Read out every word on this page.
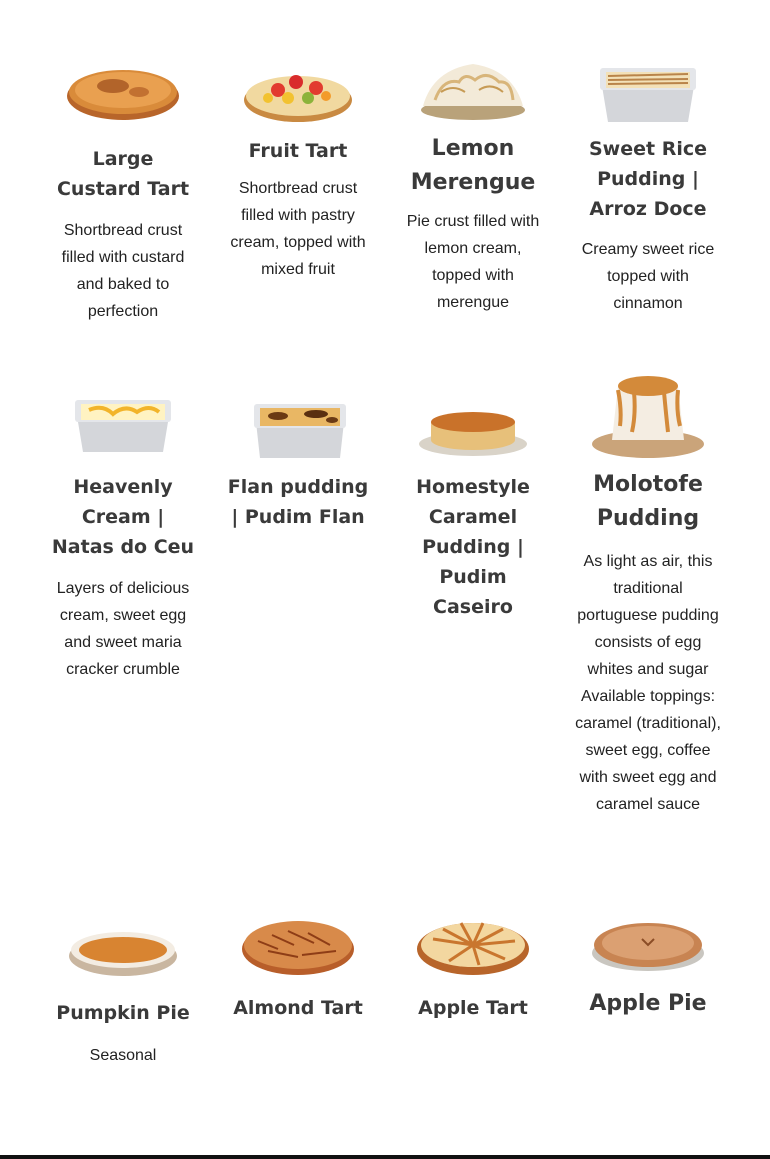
Large Custard Tart

Shortbread crust filled with custard and baked to perfection

Fruit Tart

Shortbread crust filled with pastry cream, topped with mixed fruit

Lemon Merengue

Pie crust filled with lemon cream, topped with merengue

Sweet Rice Pudding | Arroz Doce

Creamy sweet rice topped with cinnamon

Heavenly Cream | Natas do Ceu

Layers of delicious cream, sweet egg and sweet maria cracker crumble

Flan pudding | Pudim Flan

Homestyle Caramel Pudding | Pudim Caseiro

Molotofe Pudding

As light as air, this traditional portuguese pudding consists of egg whites and sugar Available toppings: caramel (traditional), sweet egg, coffee with sweet egg and caramel sauce

Pumpkin Pie

Seasonal

Almond Tart	Apple Tart	Apple Pie
